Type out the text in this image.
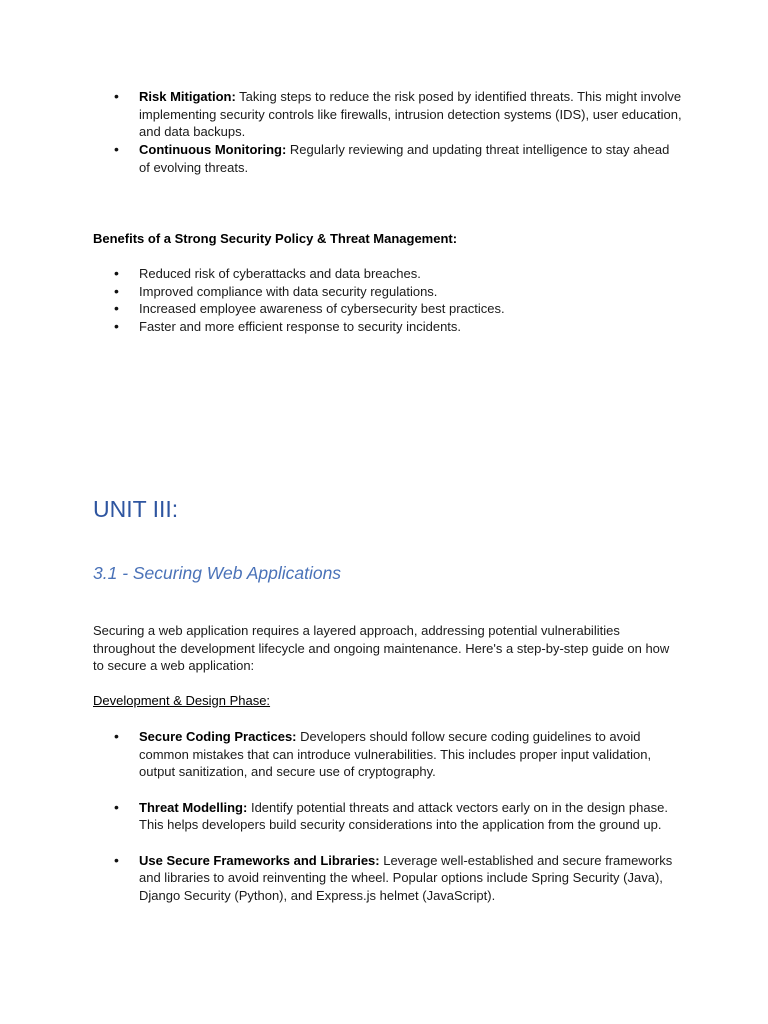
• Risk Mitigation: Taking steps to reduce the risk posed by identified threats. This might involve implementing security controls like firewalls, intrusion detection systems (IDS), user education, and data backups.
• Continuous Monitoring: Regularly reviewing and updating threat intelligence to stay ahead of evolving threats.
Benefits of a Strong Security Policy & Threat Management:
• Reduced risk of cyberattacks and data breaches.
• Improved compliance with data security regulations.
• Increased employee awareness of cybersecurity best practices.
• Faster and more efficient response to security incidents.
UNIT III:
3.1 - Securing Web Applications
Securing a web application requires a layered approach, addressing potential vulnerabilities throughout the development lifecycle and ongoing maintenance. Here's a step-by-step guide on how to secure a web application:
Development & Design Phase:
• Secure Coding Practices: Developers should follow secure coding guidelines to avoid common mistakes that can introduce vulnerabilities. This includes proper input validation, output sanitization, and secure use of cryptography.
• Threat Modelling: Identify potential threats and attack vectors early on in the design phase. This helps developers build security considerations into the application from the ground up.
• Use Secure Frameworks and Libraries: Leverage well-established and secure frameworks and libraries to avoid reinventing the wheel. Popular options include Spring Security (Java), Django Security (Python), and Express.js helmet (JavaScript).
